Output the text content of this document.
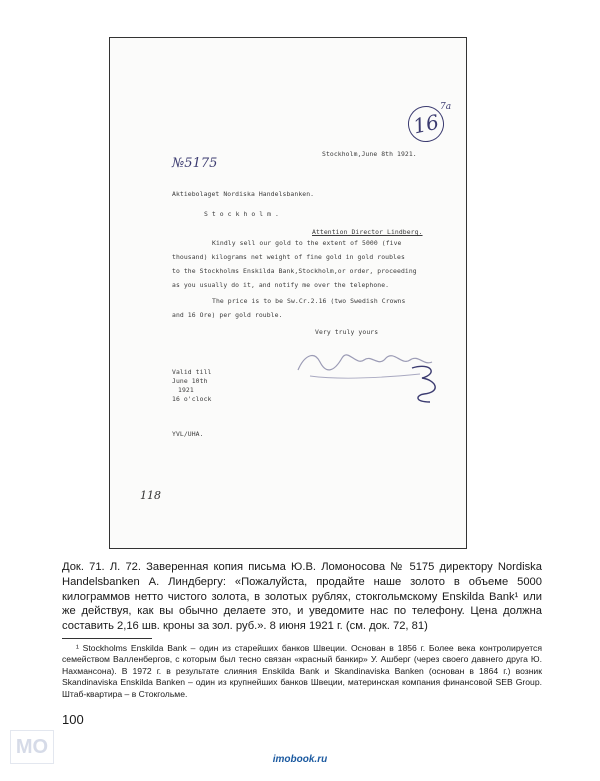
16
7а
№5175
Stockholm,June 8th 1921.
Aktiebolaget Nordiska Handelsbanken.
S t o c k h o l m .
Attention Director Lindberg.
Kindly sell our gold to the extent of 5000 (five
thousand) kilograms net weight of fine gold in gold roubles
to the Stockholms Enskilda Bank,Stockholm,or order, proceeding
as you usually do it, and notify me over the telephone.
The price is to be Sw.Cr.2.16 (two Swedish Crowns
and 16 Ore) per gold rouble.
Very truly yours
Valid till
June 10th
1921
16 o'clock
YVL/UHA.
118
Док. 71. Л. 72. Заверенная копия письма Ю.В. Ломоносова № 5175 директору Nordiska Handelsbanken А. Линдбергу: «Пожалуйста, продайте наше золото в объеме 5000 килограммов нетто чистого золота, в золотых рублях, стокгольмскому Enskilda Bank¹ или же действуя, как вы обычно делаете это, и уведомите нас по телефону. Цена должна составить 2,16 шв. кроны за зол. руб.». 8 июня 1921 г. (см. док. 72, 81)
¹ Stockholms Enskilda Bank – один из старейших банков Швеции. Основан в 1856 г. Более века контролируется семейством Валленбергов, с которым был тесно связан «красный банкир» У. Ашберг (через своего давнего друга Ю. Нахмансона). В 1972 г. в результате слияния Enskilda Bank и Skandinaviska Banken (основан в 1864 г.) возник Skandinaviska Enskilda Banken – один из крупнейших банков Швеции, материнская компания финансовой SEB Group. Штаб-квартира – в Стокгольме.
100
MO
imobook.ru
